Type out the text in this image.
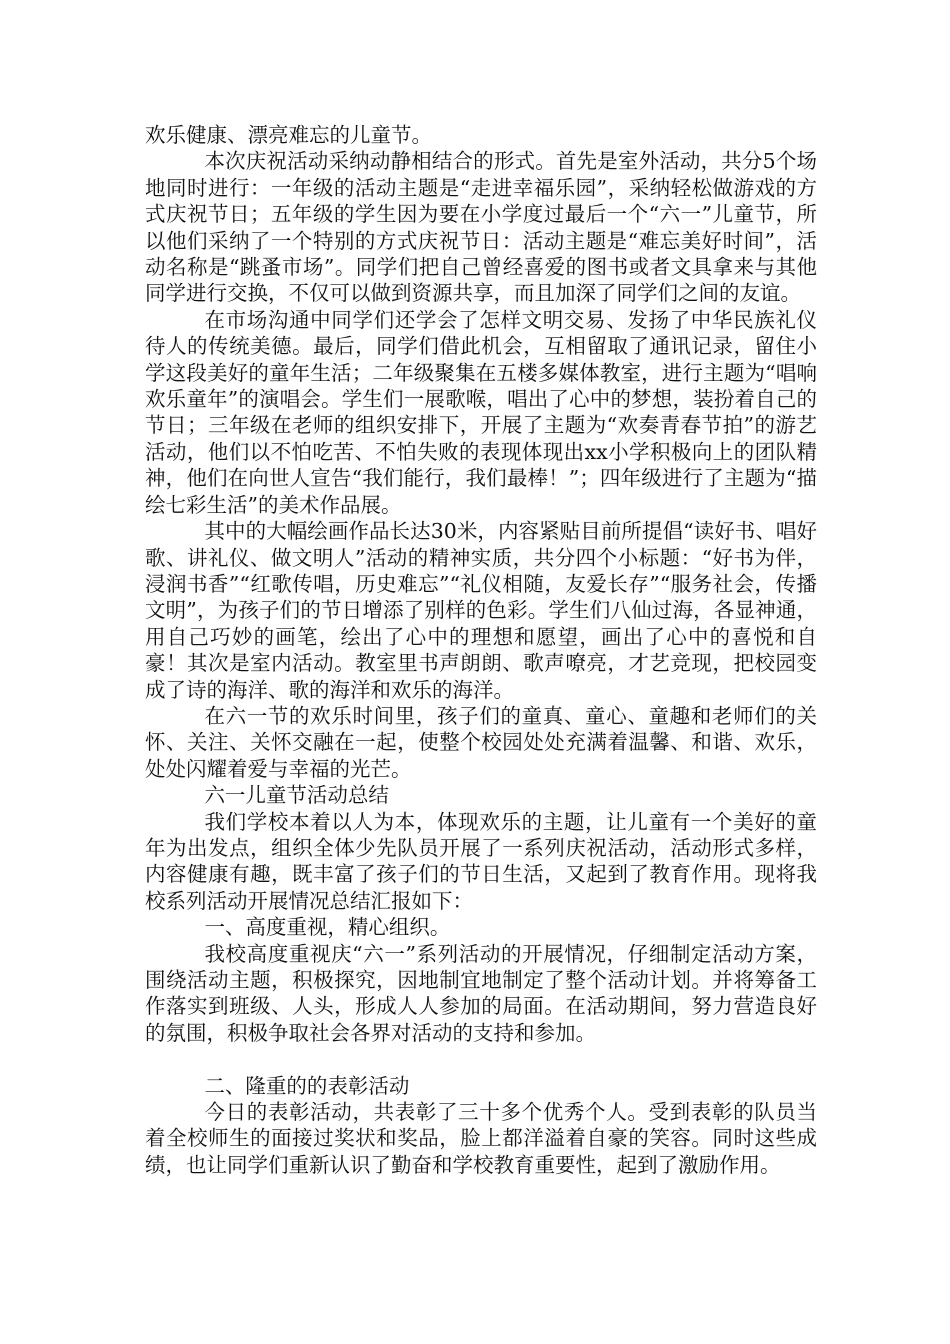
欢乐健康、漂亮难忘的儿童节。

本次庆祝活动采纳动静相结合的形式。首先是室外活动，共分5个场地同时进行：一年级的活动主题是“走进幸福乐园”，采纳轻松做游戏的方式庆祝节日；五年级的学生因为要在小学度过最后一个“六一”儿童节，所以他们采纳了一个特别的方式庆祝节日：活动主题是“难忘美好时间”，活动名称是“跳蚤市场”。同学们把自己曾经喜爱的图书或者文具拿来与其他同学进行交换，不仅可以做到资源共享，而且加深了同学们之间的友谊。

在市场沟通中同学们还学会了怎样文明交易、发扬了中华民族礼仪待人的传统美德。最后，同学们借此机会，互相留取了通讯记录，留住小学这段美好的童年生活；二年级聚集在五楼多媒体教室，进行主题为“唱响欢乐童年”的演唱会。学生们一展歌喉，唱出了心中的梦想，装扮着自己的节日；三年级在老师的组织安排下，开展了主题为“欢奏青春节拍”的游艺活动，他们以不怕吃苦、不怕失败的表现体现出xx小学积极向上的团队精神，他们在向世人宣告“我们能行，我们最棒！”；四年级进行了主题为“描绘七彩生活”的美术作品展。

其中的大幅绘画作品长达30米，内容紧贴目前所提倡“读好书、唱好歌、讲礼仪、做文明人”活动的精神实质，共分四个小标题：“好书为伴，浸润书香”“红歌传唱，历史难忘”“礼仪相随，友爱长存”“服务社会，传播文明”，为孩子们的节日增添了别样的色彩。学生们八仙过海，各显神通，用自己巧妙的画笔，绘出了心中的理想和愿望，画出了心中的喜悦和自豪！其次是室内活动。教室里书声朗朗、歌声嘹亮，才艺竞现，把校园变成了诗的海洋、歌的海洋和欢乐的海洋。

在六一节的欢乐时间里，孩子们的童真、童心、童趣和老师们的关怀、关注、关怀交融在一起，使整个校园处处充满着温馨、和谐、欢乐，处处闪耀着爱与幸福的光芒。

六一儿童节活动总结

我们学校本着以人为本，体现欢乐的主题，让儿童有一个美好的童年为出发点，组织全体少先队员开展了一系列庆祝活动，活动形式多样，内容健康有趣，既丰富了孩子们的节日生活，又起到了教育作用。现将我校系列活动开展情况总结汇报如下：

一、高度重视，精心组织。

我校高度重视庆“六一”系列活动的开展情况，仔细制定活动方案，围绕活动主题，积极探究，因地制宜地制定了整个活动计划。并将筹备工作落实到班级、人头，形成人人参加的局面。在活动期间，努力营造良好的氛围，积极争取社会各界对活动的支持和参加。

二、隆重的的表彰活动

今日的表彰活动，共表彰了三十多个优秀个人。受到表彰的队员当着全校师生的面接过奖状和奖品，脸上都洋溢着自豪的笑容。同时这些成绩，也让同学们重新认识了勤奋和学校教育重要性，起到了激励作用。
